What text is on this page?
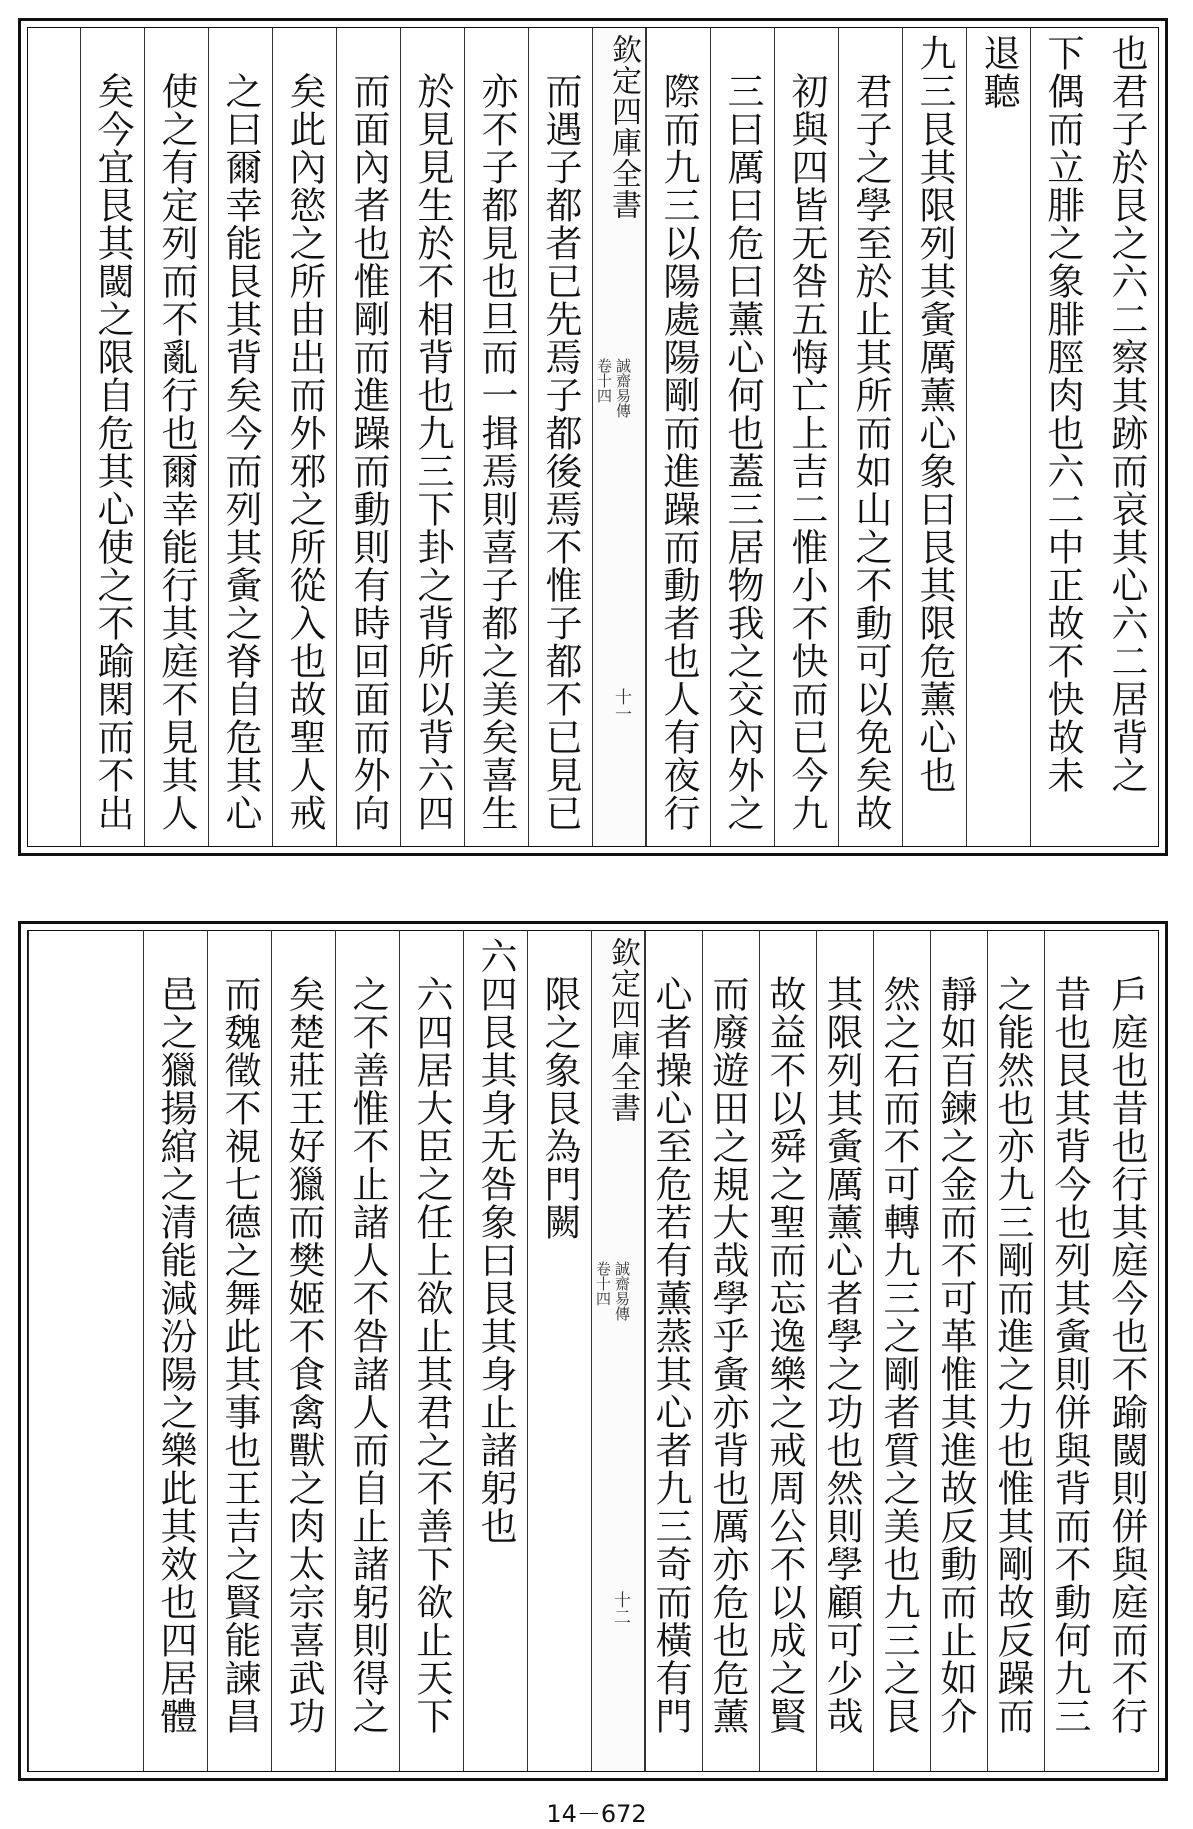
也君子於艮之六二察其跡而哀其心六二居背之
下偶而立腓之象腓脛肉也六二中正故不快故未
退聽
九三艮其限列其夤厲薰心象曰艮其限危薰心也
君子之學至於止其所而如山之不動可以免矣故
初與四皆无咎五悔亡上吉二惟小不快而已今九
三曰厲曰危曰薰心何也蓋三居物我之交內外之
際而九三以陽處陽剛而進躁而動者也人有夜行
欽定四庫全書
卷十四 誠齋易傳
十一
而遇子都者已先焉子都後焉不惟子都不已見已
亦不子都見也旦而一揖焉則喜子都之美矣喜生
於見見生於不相背也九三下卦之背所以背六四
而面內者也惟剛而進躁而動則有時回面而外向
矣此內慾之所由出而外邪之所從入也故聖人戒
之曰爾幸能艮其背矣今而列其夤之脊自危其心
使之有定列而不亂行也爾幸能行其庭不見其人
矣今宜艮其閾之限自危其心使之不踰閑而不出
戶庭也昔也行其庭今也不踰閾則併與庭而不行
昔也艮其背今也列其夤則併與背而不動何九三
之能然也亦九三剛而進之力也惟其剛故反躁而
靜如百鍊之金而不可革惟其進故反動而止如介
然之石而不可轉九三之剛者質之美也九三之艮
其限列其夤厲薰心者學之功也然則學顧可少哉
故益不以舜之聖而忘逸樂之戒周公不以成之賢
而廢遊田之規大哉學乎夤亦背也厲亦危也危薰
心者操心至危若有薰蒸其心者九三奇而橫有門
欽定四庫全書
卷十四 誠齋易傳
十二
限之象艮為門闕
六四艮其身无咎象曰艮其身止諸躬也
六四居大臣之任上欲止其君之不善下欲止天下
之不善惟不止諸人不咎諸人而自止諸躬則得之
矣楚莊王好獵而樊姬不食禽獸之肉太宗喜武功
而魏徵不視七德之舞此其事也王吉之賢能諫昌
邑之獵揚綰之清能減汾陽之樂此其效也四居體
14－672
